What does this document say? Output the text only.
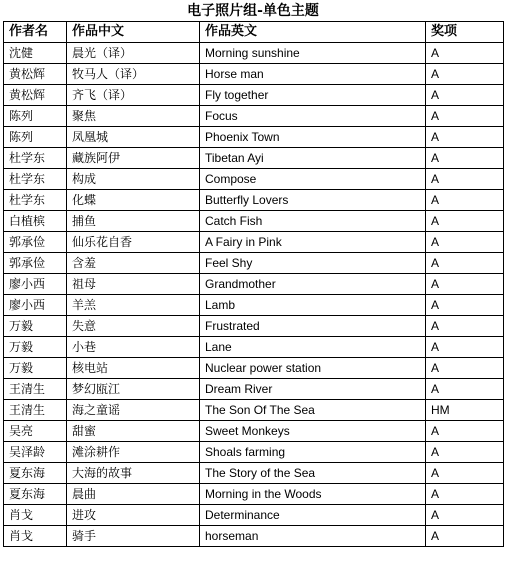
电子照片组-单色主题
作者名	作品中文	作品英文	奖项
沈健	晨光（译）	Morning sunshine	A
黄松辉	牧马人（译）	Horse man	A
黄松辉	齐飞（译）	Fly together	A
陈列	聚焦	Focus	A
陈列	凤凰城	Phoenix Town	A
杜学东	藏族阿伊	Tibetan Ayi	A
杜学东	构成	Compose	A
杜学东	化蝶	Butterfly Lovers	A
白植槟	捕鱼	Catch Fish	A
郭承俭	仙乐花自香	A Fairy in Pink	A
郭承俭	含羞	Feel Shy	A
廖小西	祖母	Grandmother	A
廖小西	羊羔	Lamb	A
万毅	失意	Frustrated	A
万毅	小巷	Lane	A
万毅	核电站	Nuclear power station	A
王清生	梦幻瓯江	Dream River	A
王清生	海之童谣	The Son Of The Sea	HM
吴亮	甜蜜	Sweet Monkeys	A
吴泽龄	滩涂耕作	Shoals farming	A
夏东海	大海的故事	The Story of the Sea	A
夏东海	晨曲	Morning in the Woods	A
肖戈	进攻	Determinance	A
肖戈	骑手	horseman	A
